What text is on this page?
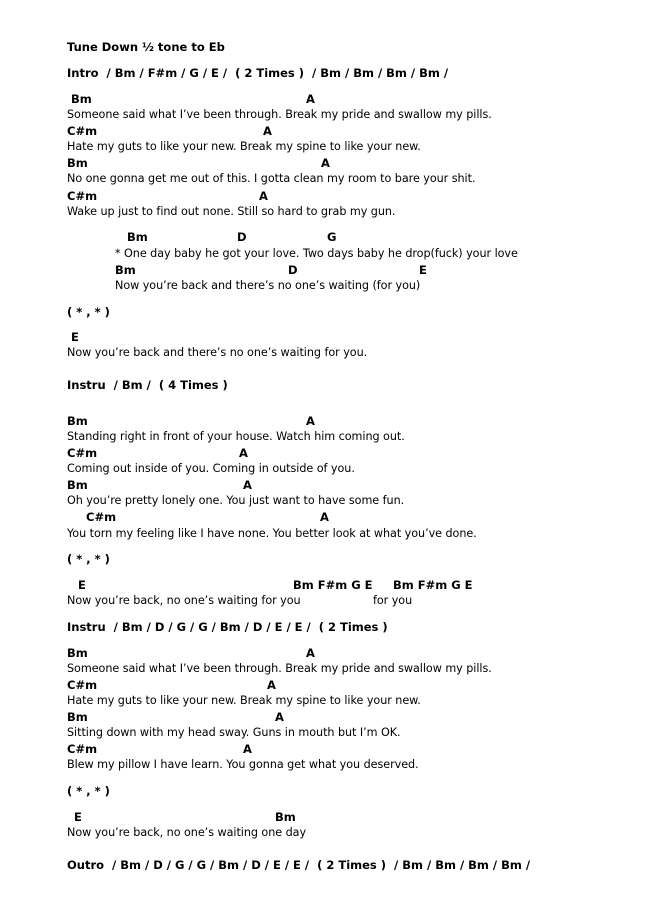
Tune Down ½ tone to Eb
Intro  / Bm / F#m / G / E /  ( 2 Times )  / Bm / Bm / Bm / Bm /
Bm	A
Someone said what I’ve been through. Break my pride and swallow my pills.
C#m	A
Hate my guts to like your new. Break my spine to like your new.
Bm	A
No one gonna get me out of this. I gotta clean my room to bare your shit.
C#m	A
Wake up just to find out none. Still so hard to grab my gun.
Bm	D	G
* One day baby he got your love. Two days baby he drop(fuck) your love
Bm	D	E
Now you’re back and there’s no one’s waiting (for you)
( * , * )
E
Now you’re back and there’s no one’s waiting for you.
Instru  / Bm /  ( 4 Times )
Bm	A
Standing right in front of your house. Watch him coming out.
C#m	A
Coming out inside of you. Coming in outside of you.
Bm	A
Oh you’re pretty lonely one. You just want to have some fun.
C#m	A
You torn my feeling like I have none. You better look at what you’ve done.
( * , * )
E	Bm F#m G E Bm F#m G E
Now you’re back, no one’s waiting for you	for you
Instru  / Bm / D / G / G / Bm / D / E / E /  ( 2 Times )
Bm	A
Someone said what I’ve been through. Break my pride and swallow my pills.
C#m	A
Hate my guts to like your new. Break my spine to like your new.
Bm	A
Sitting down with my head sway. Guns in mouth but I’m OK.
C#m	A
Blew my pillow I have learn. You gonna get what you deserved.
( * , * )
E	Bm
Now you’re back, no one’s waiting one day
Outro  / Bm / D / G / G / Bm / D / E / E /  ( 2 Times )  / Bm / Bm / Bm / Bm /
